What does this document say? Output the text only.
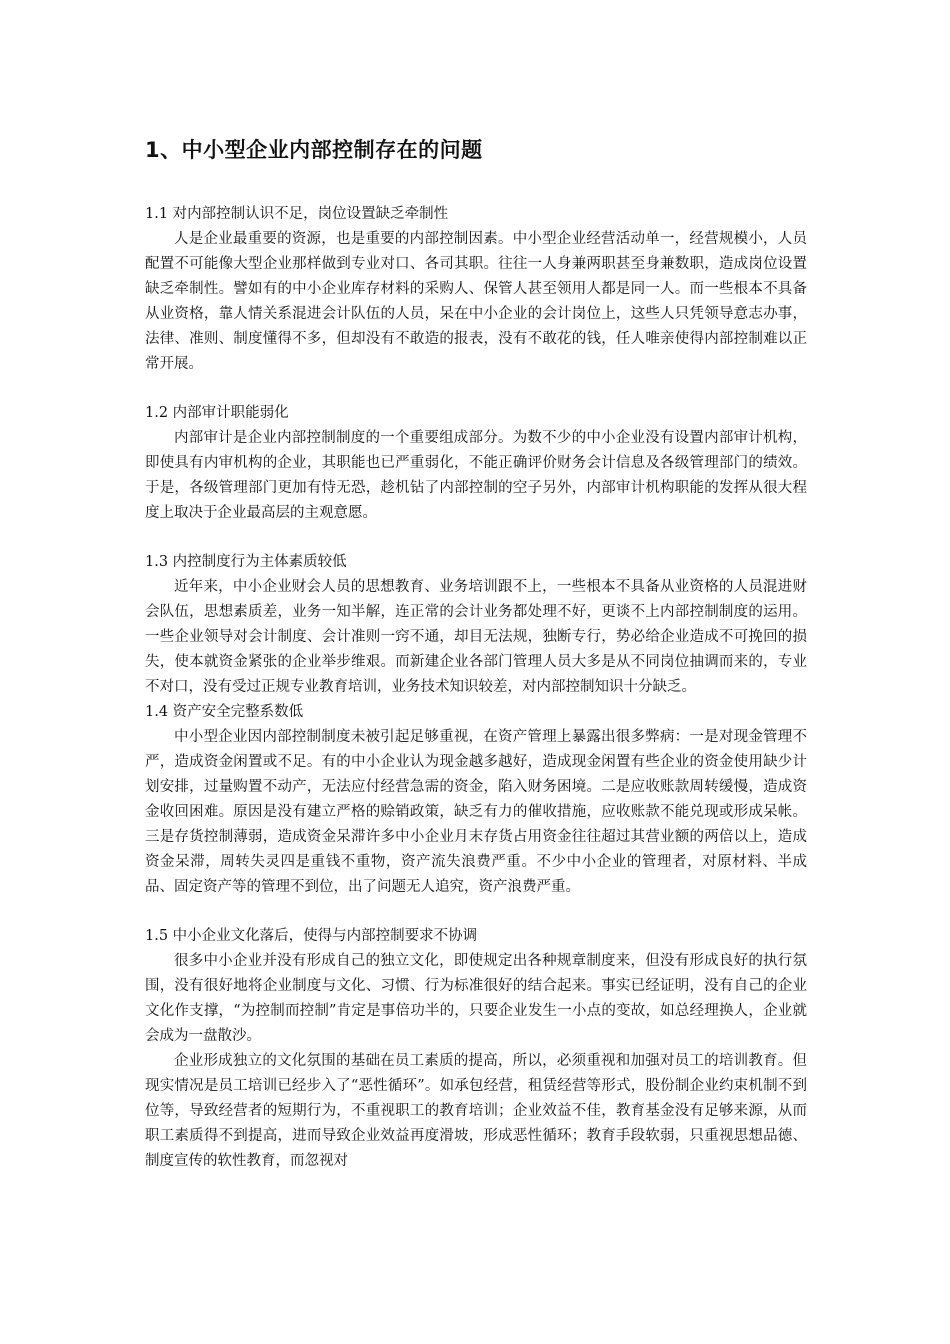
1、中小型企业内部控制存在的问题

1.1 对内部控制认识不足，岗位设置缺乏牵制性

人是企业最重要的资源，也是重要的内部控制因素。中小型企业经营活动单一，经营规模小，人员配置不可能像大型企业那样做到专业对口、各司其职。往往一人身兼两职甚至身兼数职，造成岗位设置缺乏牵制性。譬如有的中小企业库存材料的采购人、保管人甚至领用人都是同一人。而一些根本不具备从业资格，靠人情关系混进会计队伍的人员，呆在中小企业的会计岗位上，这些人只凭领导意志办事，法律、准则、制度懂得不多，但却没有不敢造的报表，没有不敢花的钱，任人唯亲使得内部控制难以正常开展。

1.2 内部审计职能弱化

内部审计是企业内部控制制度的一个重要组成部分。为数不少的中小企业没有设置内部审计机构，即使具有内审机构的企业，其职能也已严重弱化，不能正确评价财务会计信息及各级管理部门的绩效。于是，各级管理部门更加有恃无恐，趁机钻了内部控制的空子另外，内部审计机构职能的发挥从很大程度上取决于企业最高层的主观意愿。

1.3 内控制度行为主体素质较低

近年来，中小企业财会人员的思想教育、业务培训跟不上，一些根本不具备从业资格的人员混进财会队伍，思想素质差，业务一知半解，连正常的会计业务都处理不好，更谈不上内部控制制度的运用。一些企业领导对会计制度、会计准则一窍不通，却目无法规，独断专行，势必给企业造成不可挽回的损失，使本就资金紧张的企业举步维艰。而新建企业各部门管理人员大多是从不同岗位抽调而来的，专业不对口，没有受过正规专业教育培训，业务技术知识较差，对内部控制知识十分缺乏。

1.4 资产安全完整系数低

中小型企业因内部控制制度未被引起足够重视，在资产管理上暴露出很多弊病：一是对现金管理不严，造成资金闲置或不足。有的中小企业认为现金越多越好，造成现金闲置有些企业的资金使用缺少计划安排，过量购置不动产，无法应付经营急需的资金，陷入财务困境。二是应收账款周转缓慢，造成资金收回困难。原因是没有建立严格的赊销政策，缺乏有力的催收措施，应收账款不能兑现或形成呆帐。三是存货控制薄弱，造成资金呆滞许多中小企业月末存货占用资金往往超过其营业额的两倍以上，造成资金呆滞，周转失灵四是重钱不重物，资产流失浪费严重。不少中小企业的管理者，对原材料、半成品、固定资产等的管理不到位，出了问题无人追究，资产浪费严重。

1.5 中小企业文化落后，使得与内部控制要求不协调

很多中小企业并没有形成自己的独立文化，即使规定出各种规章制度来，但没有形成良好的执行氛围，没有很好地将企业制度与文化、习惯、行为标准很好的结合起来。事实已经证明，没有自己的企业文化作支撑，“为控制而控制”肯定是事倍功半的，只要企业发生一小点的变故，如总经理换人，企业就会成为一盘散沙。

企业形成独立的文化氛围的基础在员工素质的提高，所以，必须重视和加强对员工的培训教育。但现实情况是员工培训已经步入了“恶性循环”。如承包经营，租赁经营等形式，股份制企业约束机制不到位等，导致经营者的短期行为，不重视职工的教育培训；企业效益不佳，教育基金没有足够来源，从而职工素质得不到提高，进而导致企业效益再度滑坡，形成恶性循环；教育手段软弱，只重视思想品德、制度宣传的软性教育，而忽视对
